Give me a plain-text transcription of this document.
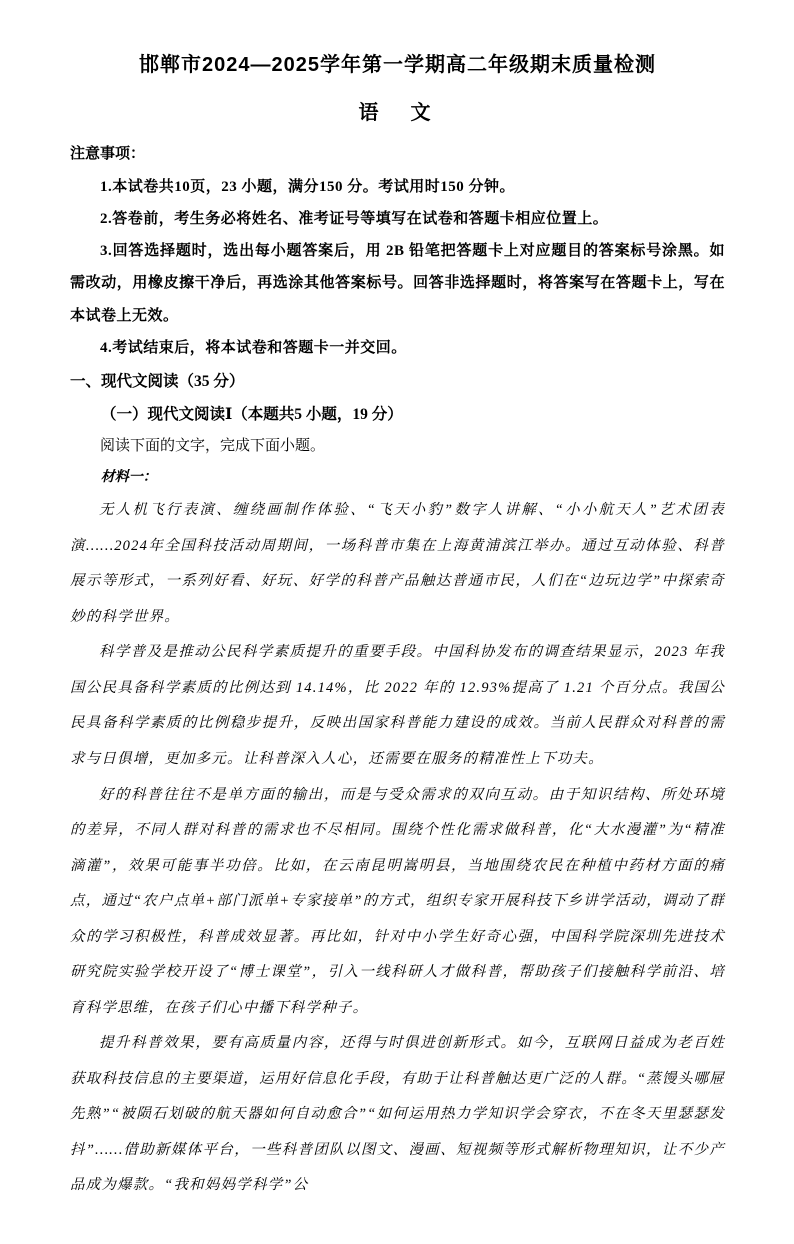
邯郸市2024—2025学年第一学期高二年级期末质量检测
语　文
注意事项：

1.本试卷共10页，23 小题，满分150 分。考试用时150 分钟。

2.答卷前，考生务必将姓名、准考证号等填写在试卷和答题卡相应位置上。

3.回答选择题时，选出每小题答案后，用 2B 铅笔把答题卡上对应题目的答案标号涂黑。如需改动，用橡皮擦干净后，再选涂其他答案标号。回答非选择题时，将答案写在答题卡上，写在本试卷上无效。

4.考试结束后，将本试卷和答题卡一并交回。

一、现代文阅读（35 分）

（一）现代文阅读Ⅰ（本题共5 小题，19 分）

阅读下面的文字，完成下面小题。

材料一：

无人机飞行表演、缠绕画制作体验、“飞天小豹”数字人讲解、“小小航天人”艺术团表演……2024年全国科技活动周期间，一场科普市集在上海黄浦滨江举办。通过互动体验、科普展示等形式，一系列好看、好玩、好学的科普产品触达普通市民，人们在“边玩边学”中探索奇妙的科学世界。

科学普及是推动公民科学素质提升的重要手段。中国科协发布的调查结果显示，2023 年我国公民具备科学素质的比例达到 14.14%，比 2022 年的 12.93%提高了 1.21 个百分点。我国公民具备科学素质的比例稳步提升，反映出国家科普能力建设的成效。当前人民群众对科普的需求与日俱增，更加多元。让科普深入人心，还需要在服务的精准性上下功夫。

好的科普往往不是单方面的输出，而是与受众需求的双向互动。由于知识结构、所处环境的差异，不同人群对科普的需求也不尽相同。围绕个性化需求做科普，化“大水漫灌”为“精准滴灌”，效果可能事半功倍。比如，在云南昆明嵩明县，当地围绕农民在种植中药材方面的痛点，通过“农户点单+部门派单+专家接单”的方式，组织专家开展科技下乡讲学活动，调动了群众的学习积极性，科普成效显著。再比如，针对中小学生好奇心强，中国科学院深圳先进技术研究院实验学校开设了“博士课堂”，引入一线科研人才做科普，帮助孩子们接触科学前沿、培育科学思维，在孩子们心中播下科学种子。

提升科普效果，要有高质量内容，还得与时俱进创新形式。如今，互联网日益成为老百姓获取科技信息的主要渠道，运用好信息化手段，有助于让科普触达更广泛的人群。“蒸馒头哪屉先熟”“被陨石划破的航天器如何自动愈合”“如何运用热力学知识学会穿衣，不在冬天里瑟瑟发抖”……借助新媒体平台，一些科普团队以图文、漫画、短视频等形式解析物理知识，让不少产品成为爆款。“我和妈妈学科学”公
